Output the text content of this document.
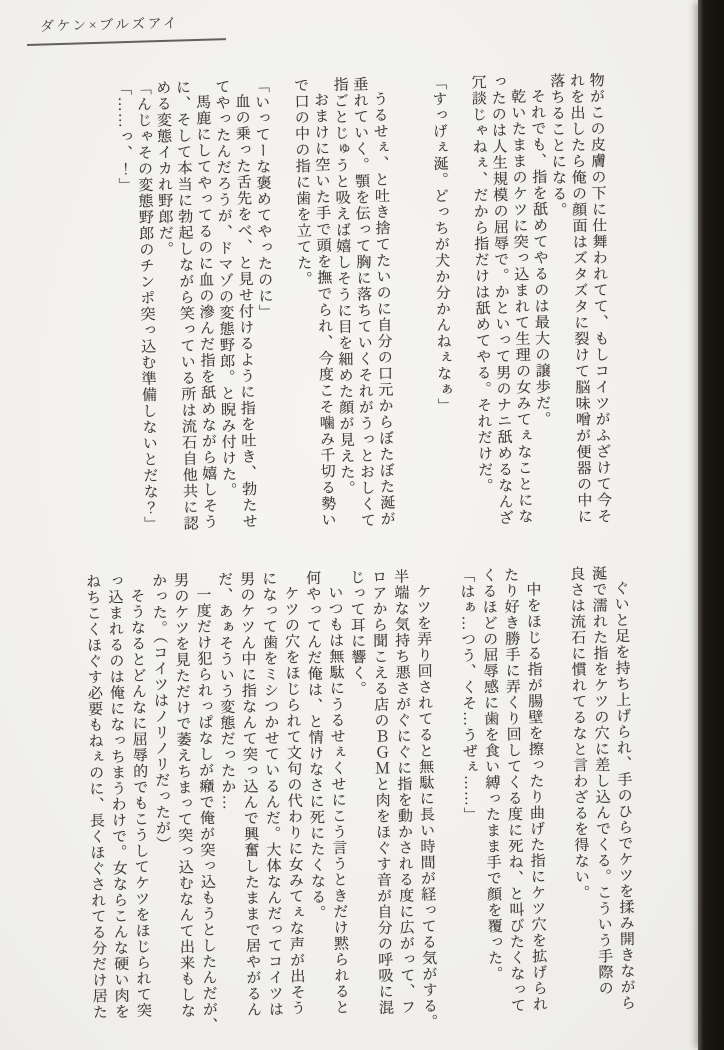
ダケン×ブルズアイ

物がこの皮膚の下に仕舞われてて、もしコイツがふざけて今そ

れを出したら俺の顔面はズタズタに裂けて脳味噌が便器の中に

落ちることになる。

それでも、指を舐めてやるのは最大の譲歩だ。

乾いたままのケツに突っ込まれて生理の女みてぇなことにな

ったのは人生規模の屈辱で。かといって男のナニ舐めるなんざ

冗談じゃねぇ、だから指だけは舐めてやる。それだけだ。

「すっげぇ涎。どっちが犬か分かんねぇなぁ」

うるせぇ、と吐き捨てたいのに自分の口元からぼたぼた涎が

垂れていく。顎を伝って胸に落ちていくそれがうっとおしくて

指ごとじゅうと吸えば嬉しそうに目を細めた顔が見えた。

おまけに空いた手で頭を撫でられ、今度こそ噛み千切る勢い

で口の中の指に歯を立てた。

「いってーな褒めてやったのに」

血の乗った舌先をべ、と見せ付けるように指を吐き、勃たせ

てやったんだろうが、ドマゾの変態野郎。と睨み付けた。

馬鹿にしてやってるのに血の滲んだ指を舐めながら嬉しそう

に、そして本当に勃起しながら笑っている所は流石自他共に認

める変態イカれ野郎だ。

「んじゃその変態野郎のチンポ突っ込む準備しないとだな？」

「……っ、！」

ぐいと足を持ち上げられ、手のひらでケツを揉み開きながら

涎で濡れた指をケツの穴に差し込んでくる。こういう手際の

良さは流石に慣れてるなと言わざるを得ない。

中をほじる指が腸壁を擦ったり曲げた指にケツ穴を拡げられ

たり好き勝手に弄くり回してくる度に死ね、と叫びたくなって

くるほどの屈辱感に歯を食い縛ったまま手で顔を覆った。

「はぁ…つう、くそ…うぜぇ……」

ケツを弄り回されてると無駄に長い時間が経ってる気がする。

半端な気持ち悪さがぐにぐに指を動かされる度に広がって、フ

ロアから聞こえる店のＢＧＭと肉をほぐす音が自分の呼吸に混

じって耳に響く。

いつもは無駄にうるせぇくせにこう言うときだけ黙られると

何やってんだ俺は、と情けなさに死にたくなる。

ケツの穴をほじられて文句の代わりに女みてぇな声が出そう

になって歯をミシつかせているんだ。大体なんだってコイツは

男のケツん中に指なんて突っ込んで興奮したままで居やがるん

だ、あぁそういう変態だったか…

一度だけ犯られっぱなしが癪で俺が突っ込もうとしたんだが、

男のケツを見ただけで萎えちまって突っ込むなんて出来もしな

かった。（コイツはノリノリだったが）

そうなるとどんなに屈辱的でもこうしてケツをほじられて突

っ込まれるのは俺になっちまうわけで。女ならこんな硬い肉を

ねちこくほぐす必要もねぇのに、長くほぐされてる分だけ居た
